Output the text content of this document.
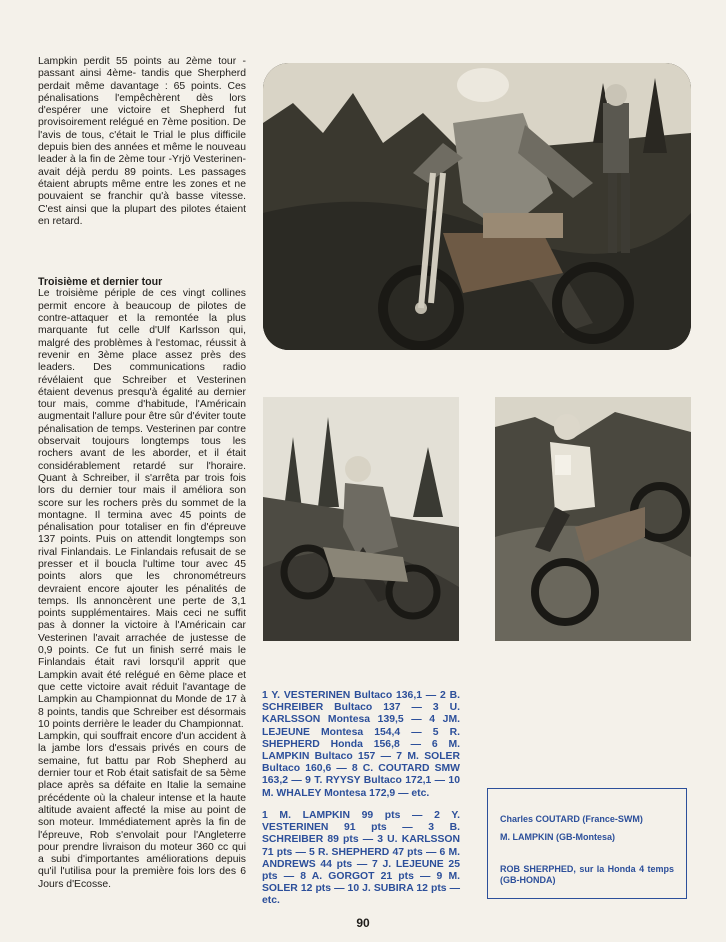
Lampkin perdit 55 points au 2ème tour -passant ainsi 4ème- tandis que Sherpherd perdait même davantage : 65 points. Ces pénalisations l'empêchèrent dès lors d'espérer une victoire et Shepherd fut provisoirement relégué en 7ème position. De l'avis de tous, c'était le Trial le plus difficile depuis bien des années et même le nouveau leader à la fin de 2ème tour -Yrjö Vesterinen- avait déjà perdu 89 points. Les passages étaient abrupts même entre les zones et ne pouvaient se franchir qu'à basse vitesse. C'est ainsi que la plupart des pilotes étaient en retard.

Troisième et dernier tour

Le troisième périple de ces vingt collines permit encore à beaucoup de pilotes de contre-attaquer et la remontée la plus marquante fut celle d'Ulf Karlsson qui, malgré des problèmes à l'estomac, réussit à revenir en 3ème place assez près des leaders. Des communications radio révélaient que Schreiber et Vesterinen étaient devenus presqu'à égalité au dernier tour mais, comme d'habitude, l'Américain augmentait l'allure pour être sûr d'éviter toute pénalisation de temps. Vesterinen par contre observait toujours longtemps tous les rochers avant de les aborder, et il était considérablement retardé sur l'horaire. Quant à Schreiber, il s'arrêta par trois fois lors du dernier tour mais il améliora son score sur les rochers près du sommet de la montagne. Il termina avec 45 points de pénalisation pour totaliser en fin d'épreuve 137 points. Puis on attendit longtemps son rival Finlandais. Le Finlandais refusait de se presser et il boucla l'ultime tour avec 45 points alors que les chronométreurs devraient encore ajouter les pénalités de temps. Ils annoncèrent une perte de 3,1 points supplémentaires. Mais ceci ne suffit pas à donner la victoire à l'Américain car Vesterinen l'avait arrachée de justesse de 0,9 points. Ce fut un finish serré mais le Finlandais était ravi lorsqu'il apprit que Lampkin avait été relégué en 6ème place et que cette victoire avait réduit l'avantage de Lampkin au Championnat du Monde de 17 à 8 points, tandis que Schreiber est désormais 10 points derrière le leader du Championnat.

Lampkin, qui souffrait encore d'un accident à la jambe lors d'essais privés en cours de semaine, fut battu par Rob Shepherd au dernier tour et Rob était satisfait de sa 5ème place après sa défaite en Italie la semaine précédente où la chaleur intense et la haute altitude avaient affecté la mise au point de son moteur. Immédiatement après la fin de l'épreuve, Rob s'envolait pour l'Angleterre pour prendre livraison du moteur 360 cc qui a subi d'importantes améliorations depuis qu'il l'utilisa pour la première fois lors des 6 Jours d'Ecosse.

1 Y. VESTERINEN Bultaco 136,1 — 2 B. SCHREIBER Bultaco 137 — 3 U. KARLSSON Montesa 139,5 — 4 JM. LEJEUNE Montesa 154,4 — 5 R. SHEPHERD Honda 156,8 — 6 M. LAMPKIN Bultaco 157 — 7 M. SOLER Bultaco 160,6 — 8 C. COUTARD SMW 163,2 — 9 T. RYYSY Bultaco 172,1 — 10 M. WHALEY Montesa 172,9 — etc.
1 M. LAMPKIN 99 pts — 2 Y. VESTERINEN 91 pts — 3 B. SCHREIBER 89 pts — 3 U. KARLSSON 71 pts — 5 R. SHEPHERD 47 pts — 6 M. ANDREWS 44 pts — 7 J. LEJEUNE 25 pts — 8 A. GORGOT 21 pts — 9 M. SOLER 12 pts — 10 J. SUBIRA 12 pts — etc.
Charles COUTARD (France-SWM)
M. LAMPKIN (GB-Montesa)
ROB SHERPHED, sur la Honda 4 temps (GB-HONDA)
90
